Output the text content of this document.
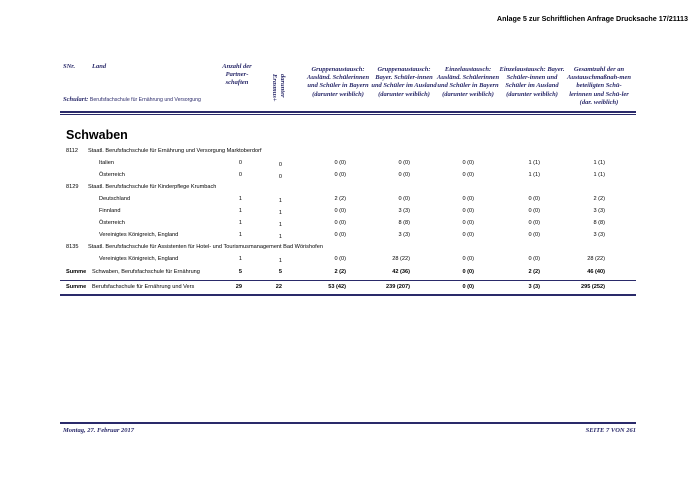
Anlage 5 zur Schriftlichen Anfrage Drucksache 17/21113
SNr.	Land	Anzahl der Partner-schaften	darunter Erasmus+
Gruppenaustausch: Ausländ. Schülerinnen und Schüler in Bayern (darunter weiblich)
Gruppenaustausch: Bayer. Schüler-innen und Schüler im Ausland (darunter weiblich)
Einzelaustausch: Ausländ. Schülerinnen und Schüler in Bayern (darunter weiblich)
Einzelaustausch: Bayer. Schüler-innen und Schüler im Ausland (darunter weiblich)
Gesamtzahl der an Austauschmaßnah-men beteiligten Schü-lerinnen und Schü-ler (dar. weiblich)
Schulart: Berufsfachschule für Ernährung und Versorgung
Schwaben
8112 Staatl. Berufsfachschule für Ernährung und Versorgung Marktoberdorf
Italien	0	0	0 (0)	0 (0)	0 (0)	1 (1)	1 (1)
Österreich	0	0	0 (0)	0 (0)	0 (0)	1 (1)	1 (1)
8129 Staatl. Berufsfachschule für Kinderpflege Krumbach
Deutschland	1	1	2 (2)	0 (0)	0 (0)	0 (0)	2 (2)
Finnland	1	1	0 (0)	3 (3)	0 (0)	0 (0)	3 (3)
Österreich	1	1	0 (0)	8 (8)	0 (0)	0 (0)	8 (8)
Vereinigtes Königreich, England	1	1	0 (0)	3 (3)	0 (0)	0 (0)	3 (3)
8135 Staatl. Berufsfachschule für Assistenten für Hotel- und Tourismusmanagement Bad Wörishofen
Vereinigtes Königreich, England	1	1	0 (0)	28 (22)	0 (0)	0 (0)	28 (22)
Summe Schwaben, Berufsfachschule für Ernährung	5	5	2 (2)	42 (36)	0 (0)	2 (2)	46 (40)
Summe Berufsfachschule für Ernährung und Vers	29	22	53 (42)	239 (207)	0 (0)	3 (3)	295 (252)
Montag, 27. Februar 2017	SEITE 7 VON 261
